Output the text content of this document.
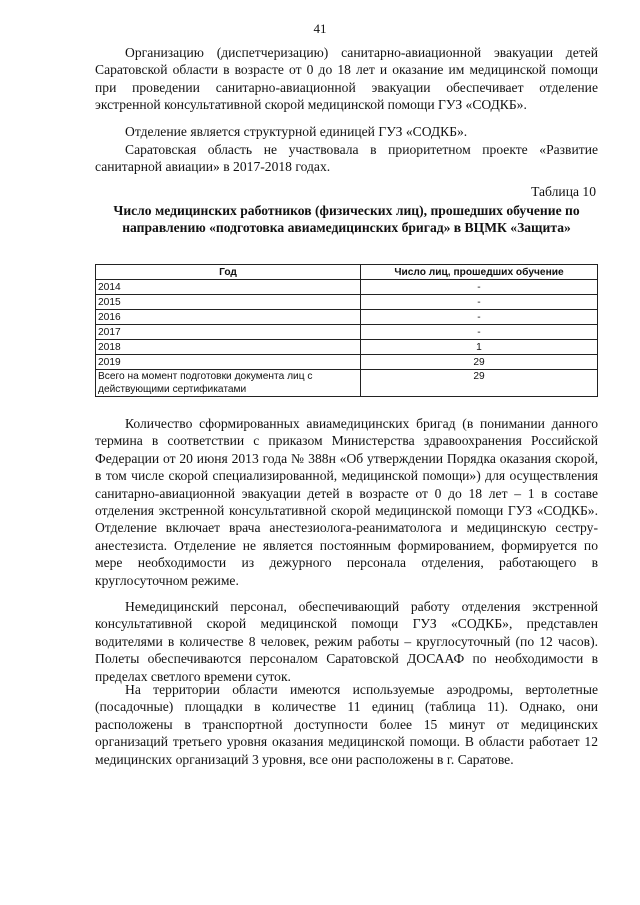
41

Организацию (диспетчеризацию) санитарно-авиационной эвакуации детей Саратовской области в возрасте от 0 до 18 лет и оказание им медицинской помощи при проведении санитарно-авиационной эвакуации обеспечивает отделение экстренной консультативной скорой медицинской помощи ГУЗ «СОДКБ».

Отделение является структурной единицей ГУЗ «СОДКБ».

Саратовская область не участвовала в приоритетном проекте «Развитие санитарной авиации» в 2017-2018 годах.

Таблица 10
Число медицинских работников (физических лиц), прошедших обучение по направлению «подготовка авиамедицинских бригад» в ВЦМК «Защита»
Год	Число лиц, прошедших обучение
2014	-
2015	-
2016	-
2017	-
2018	1
2019	29
Всего на момент подготовки документа лиц с действующими сертификатами	29

Количество сформированных авиамедицинских бригад (в понимании данного термина в соответствии с приказом Министерства здравоохранения Российской Федерации от 20 июня 2013 года № 388н «Об утверждении Порядка оказания скорой, в том числе скорой специализированной, медицинской помощи») для осуществления санитарно-авиационной эвакуации детей в возрасте от 0 до 18 лет – 1 в составе отделения экстренной консультативной скорой медицинской помощи ГУЗ «СОДКБ». Отделение включает врача анестезиолога-реаниматолога и медицинскую сестру-анестезиста. Отделение не является постоянным формированием, формируется по мере необходимости из дежурного персонала отделения, работающего в круглосуточном режиме.

Немедицинский персонал, обеспечивающий работу отделения экстренной консультативной скорой медицинской помощи ГУЗ «СОДКБ», представлен водителями в количестве 8 человек, режим работы – круглосуточный (по 12 часов). Полеты обеспечиваются персоналом Саратовской ДОСААФ по необходимости в пределах светлого времени суток.

На территории области имеются используемые аэродромы, вертолетные (посадочные) площадки в количестве 11 единиц (таблица 11). Однако, они расположены в транспортной доступности более 15 минут от медицинских организаций третьего уровня оказания медицинской помощи. В области работает 12 медицинских организаций 3 уровня, все они расположены в г. Саратове.
